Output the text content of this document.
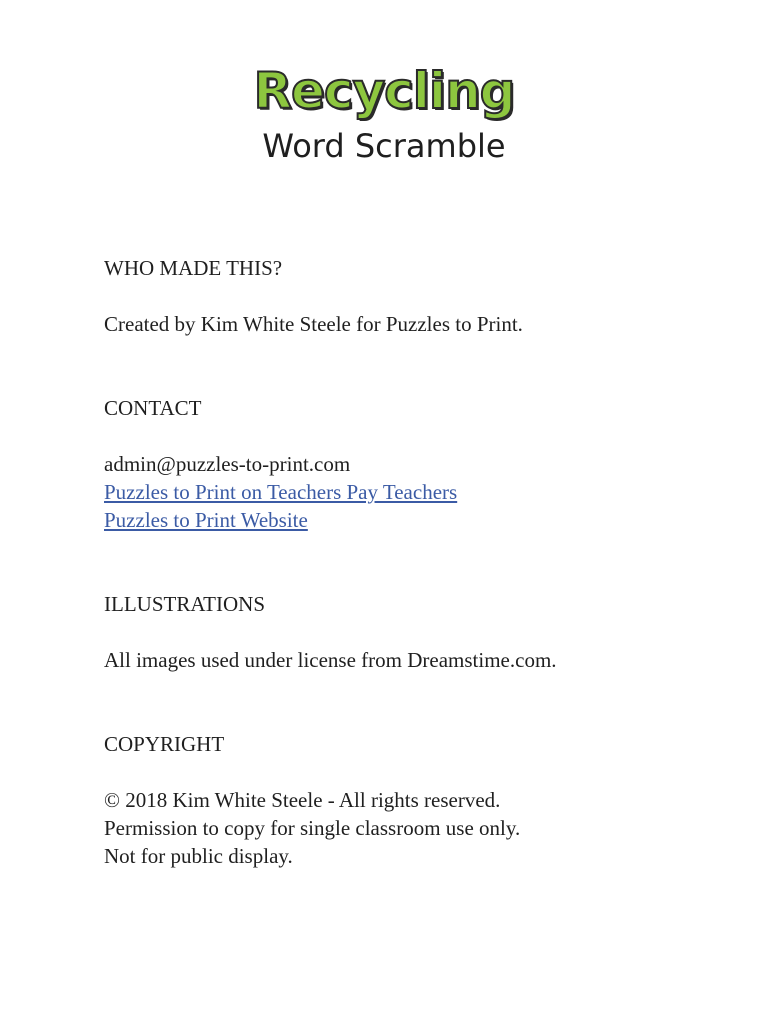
Recycling
Word Scramble

WHO MADE THIS?

Created by Kim White Steele for Puzzles to Print.

CONTACT

admin@puzzles-to-print.com

Puzzles to Print on Teachers Pay Teachers
Puzzles to Print Website

ILLUSTRATIONS

All images used under license from Dreamstime.com.

COPYRIGHT

© 2018 Kim White Steele - All rights reserved.

Permission to copy for single classroom use only.

Not for public display.
